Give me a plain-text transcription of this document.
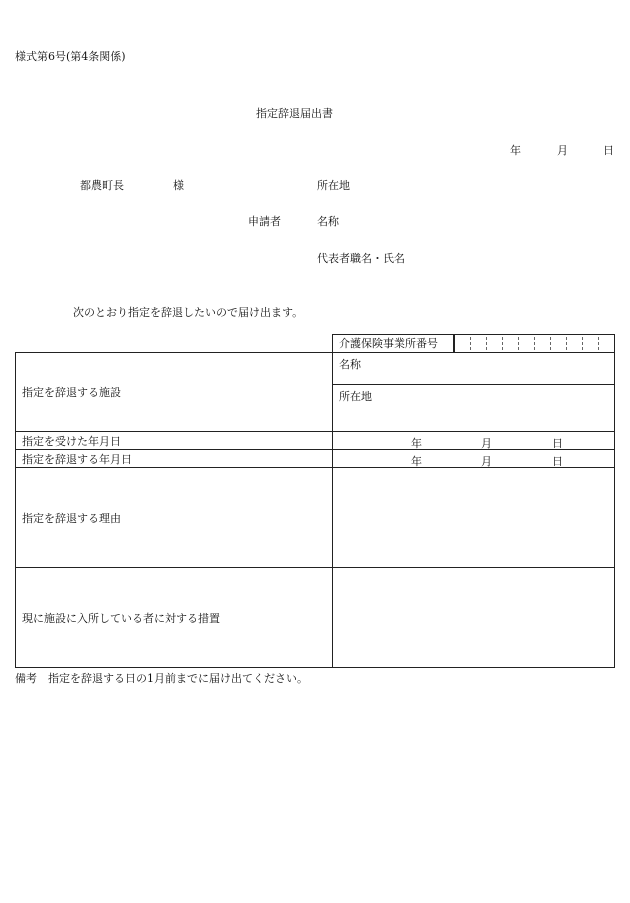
様式第6号(第4条関係)
指定辞退届出書
年	月	日
都農町長	様	所在地
申請者	名称
代表者職名・氏名
次のとおり指定を辞退したいので届け出ます。
介護保険事業所番号
指定を辞退する施設	名称
所在地

指定を受けた年月日	年 月 日

指定を辞退する年月日	年 月 日

指定を辞退する理由	
現に施設に入所している者に対する措置	
備考　指定を辞退する日の1月前までに届け出てください。
